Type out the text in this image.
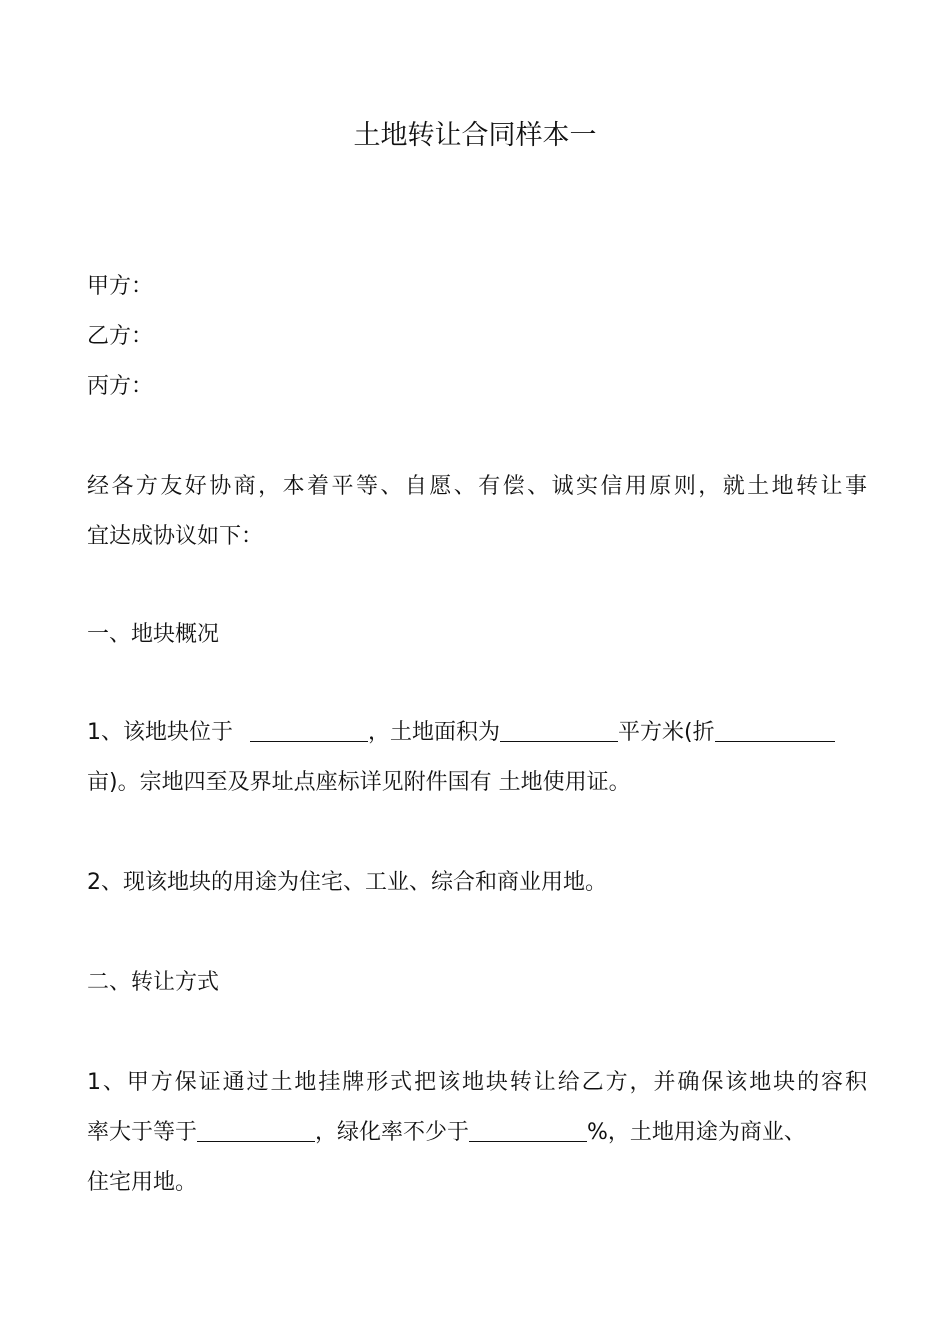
土地转让合同样本一
甲方：
乙方：
丙方：
经各方友好协商，本着平等、自愿、有偿、诚实信用原则，就土地转让事
宜达成协议如下：
一、地块概况
1、该地块位于	，土地面积为	平方米(折
亩)。宗地四至及界址点座标详见附件国有 土地使用证。
2、现该地块的用途为住宅、工业、综合和商业用地。
二、转让方式
1、甲方保证通过土地挂牌形式把该地块转让给乙方，并确保该地块的容积
率大于等于	，绿化率不少于	%，土地用途为商业、
住宅用地。
